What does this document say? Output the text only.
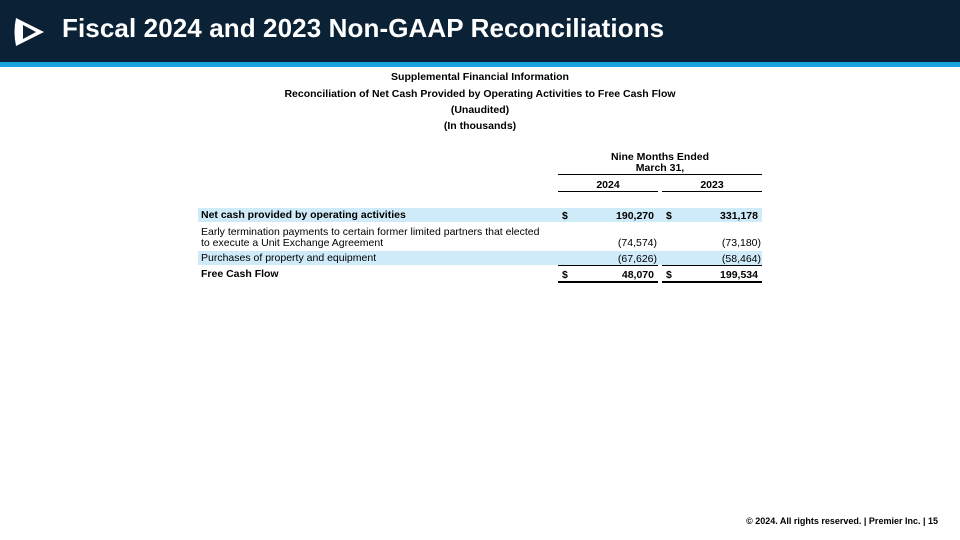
Fiscal 2024 and 2023 Non-GAAP Reconciliations
Supplemental Financial Information
Reconciliation of Net Cash Provided by Operating Activities to Free Cash Flow
(Unaudited)
(In thousands)
Nine Months Ended
March 31,
2024	2023
Net cash provided by operating activities	$	190,270 $	331,178
Early termination payments to certain former limited partners that elected
to execute a Unit Exchange Agreement	(74,574)	(73,180)
Purchases of property and equipment	(67,626)	(58,464)
Free Cash Flow	$	48,070 $	199,534
© 2024. All rights reserved. | Premier Inc. | 15
